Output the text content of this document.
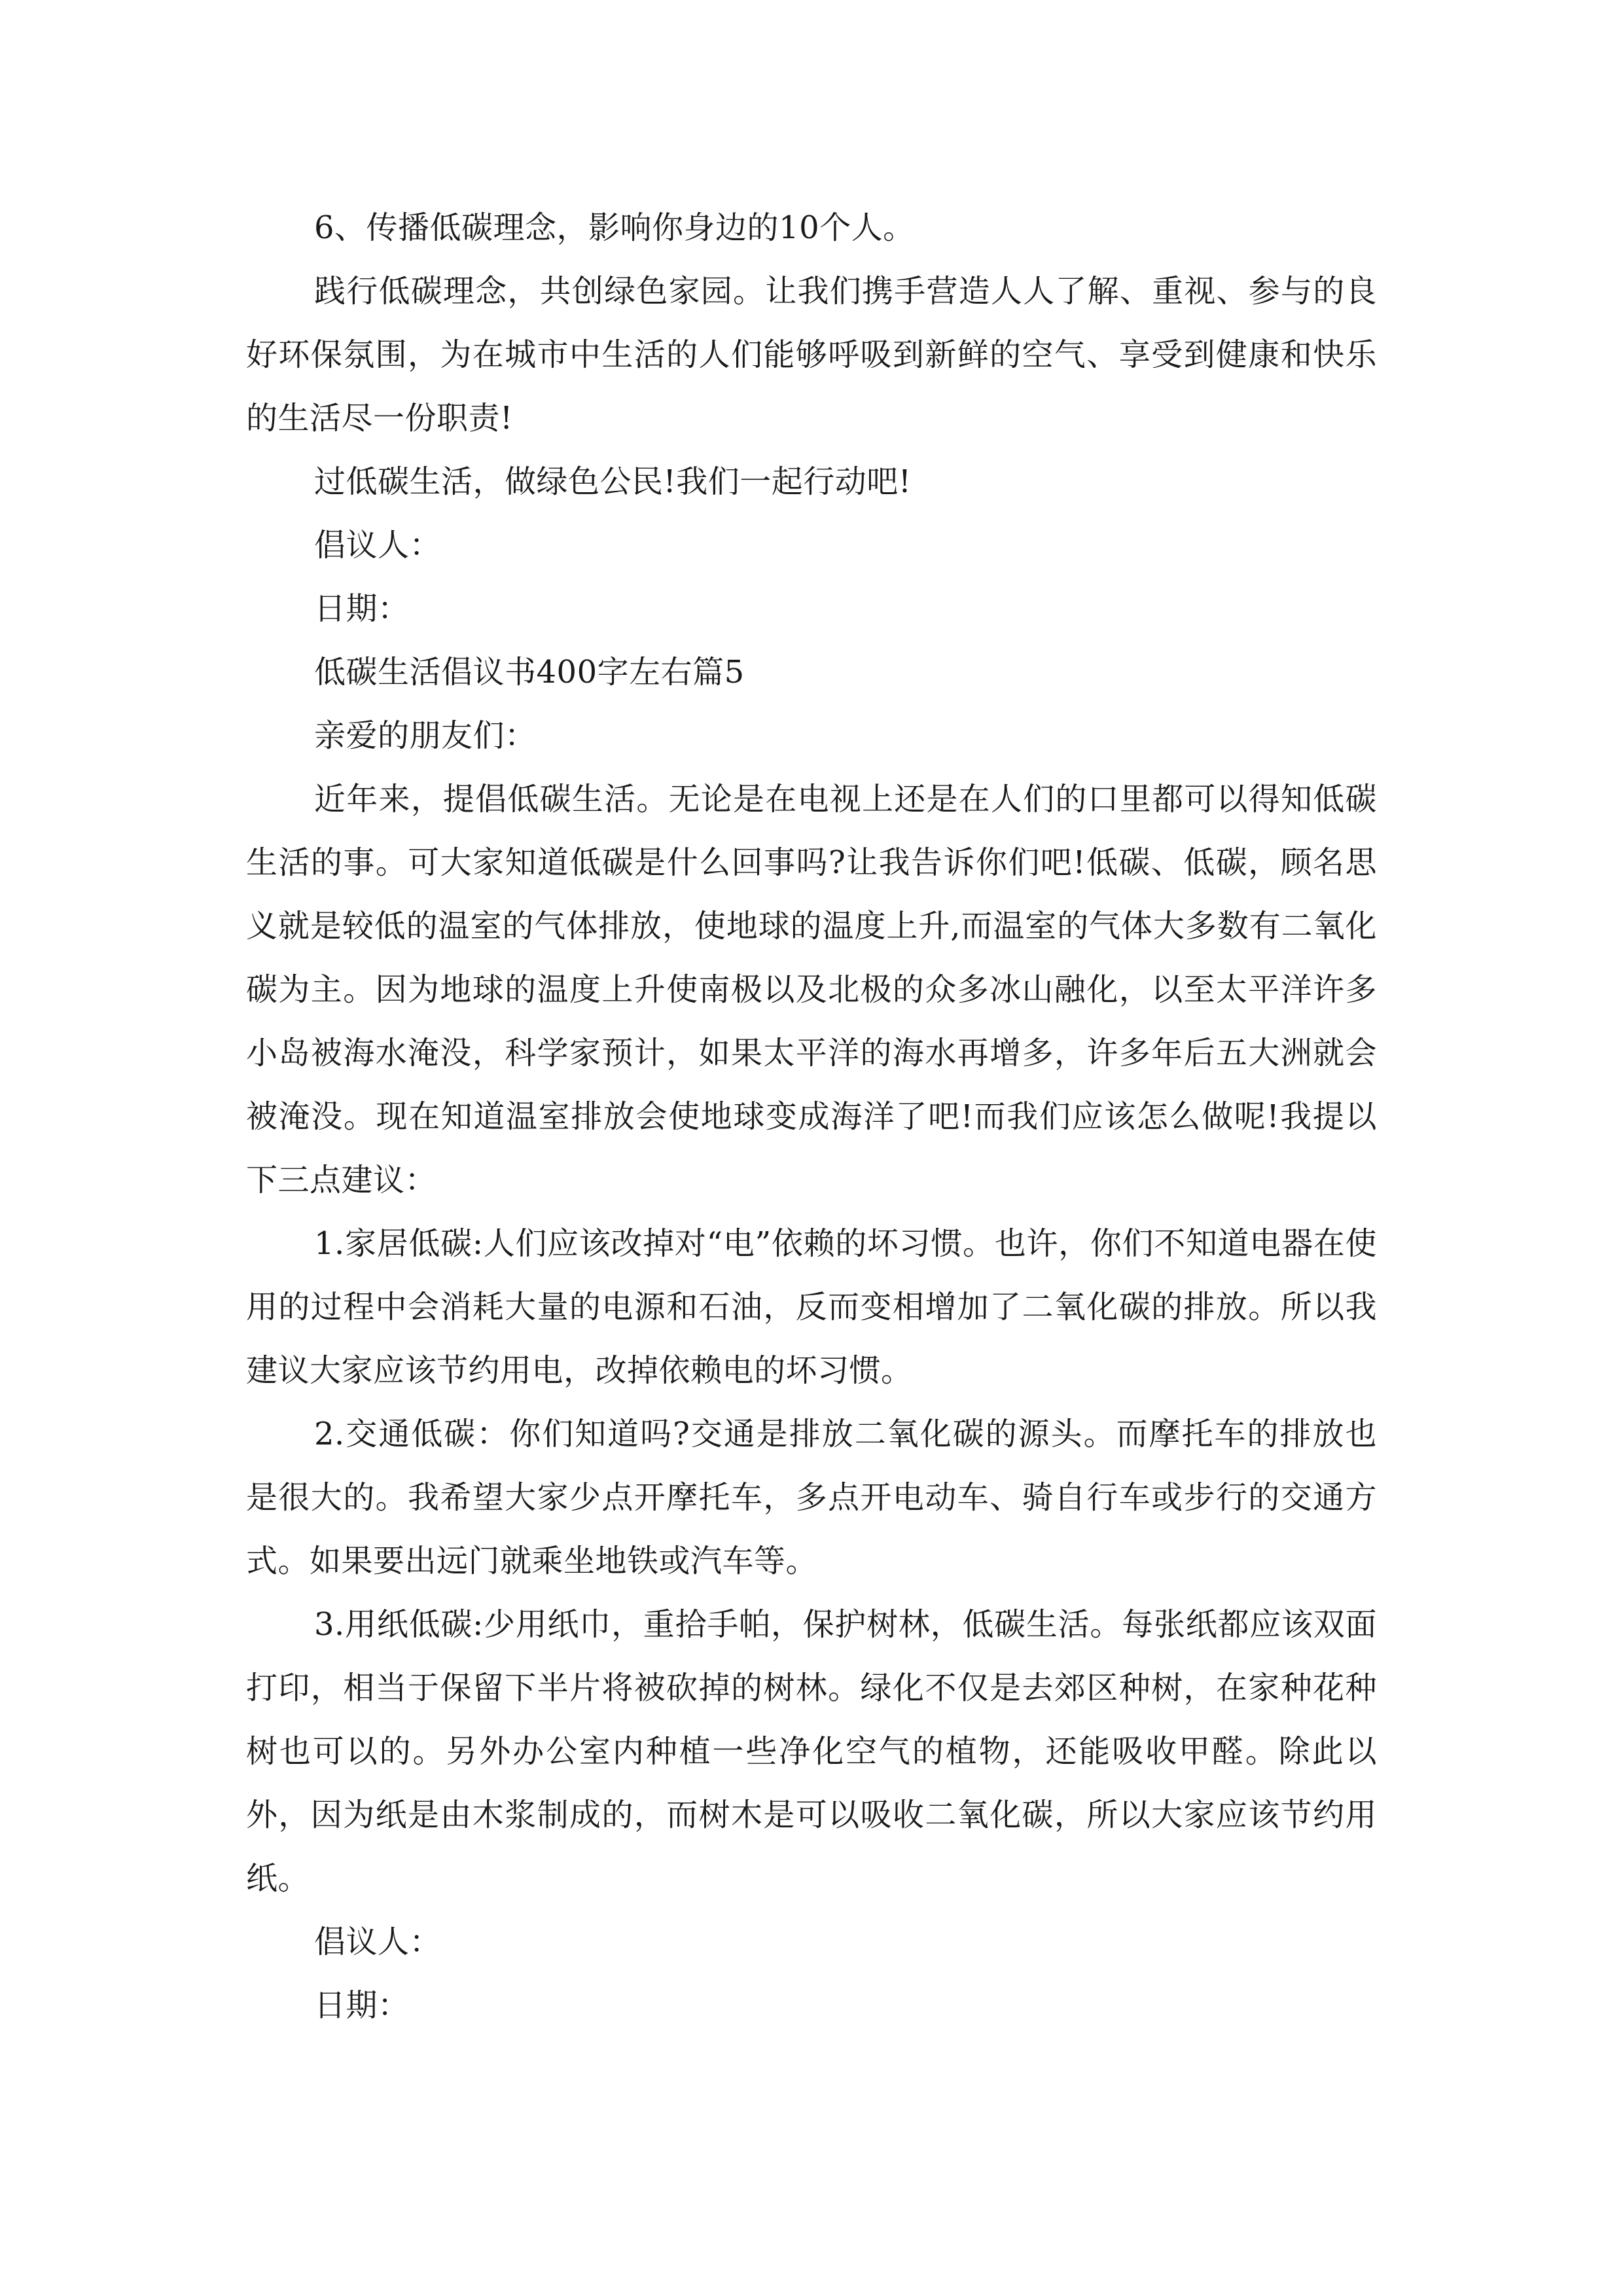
6、传播低碳理念，影响你身边的10个人。

践行低碳理念，共创绿色家园。让我们携手营造人人了解、重视、参与的良好环保氛围，为在城市中生活的人们能够呼吸到新鲜的空气、享受到健康和快乐的生活尽一份职责!

过低碳生活，做绿色公民!我们一起行动吧!

倡议人：

日期：

低碳生活倡议书400字左右篇5

亲爱的朋友们：

近年来，提倡低碳生活。无论是在电视上还是在人们的口里都可以得知低碳生活的事。可大家知道低碳是什么回事吗?让我告诉你们吧!低碳、低碳，顾名思义就是较低的温室的气体排放，使地球的温度上升,而温室的气体大多数有二氧化碳为主。因为地球的温度上升使南极以及北极的众多冰山融化，以至太平洋许多小岛被海水淹没，科学家预计，如果太平洋的海水再增多，许多年后五大洲就会被淹没。现在知道温室排放会使地球变成海洋了吧!而我们应该怎么做呢!我提以下三点建议：

1.家居低碳:人们应该改掉对“电”依赖的坏习惯。也许，你们不知道电器在使用的过程中会消耗大量的电源和石油，反而变相增加了二氧化碳的排放。所以我建议大家应该节约用电，改掉依赖电的坏习惯。

2.交通低碳：你们知道吗?交通是排放二氧化碳的源头。而摩托车的排放也是很大的。我希望大家少点开摩托车，多点开电动车、骑自行车或步行的交通方式。如果要出远门就乘坐地铁或汽车等。

3.用纸低碳:少用纸巾，重拾手帕，保护树林，低碳生活。每张纸都应该双面打印，相当于保留下半片将被砍掉的树林。绿化不仅是去郊区种树，在家种花种树也可以的。另外办公室内种植一些净化空气的植物，还能吸收甲醛。除此以外，因为纸是由木浆制成的，而树木是可以吸收二氧化碳，所以大家应该节约用纸。

倡议人：

日期：
